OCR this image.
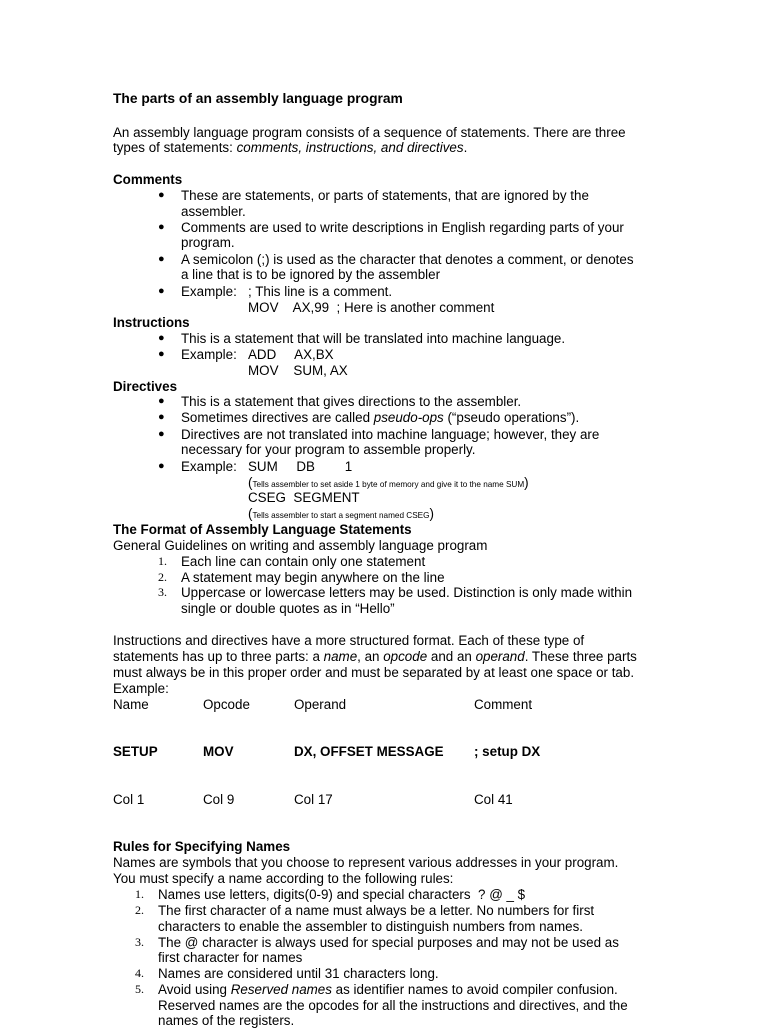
The parts of an assembly language program
An assembly language program consists of a sequence of statements. There are three
types of statements: comments, instructions, and directives.
Comments
● These are statements, or parts of statements, that are ignored by the
assembler.
● Comments are used to write descriptions in English regarding parts of your
program.
● A semicolon (;) is used as the character that denotes a comment, or denotes
a line that is to be ignored by the assembler
● Example: ; This line is a comment.
MOV    AX,99  ; Here is another comment
Instructions
● This is a statement that will be translated into machine language.
● Example: ADD     AX,BX
MOV    SUM, AX
Directives
● This is a statement that gives directions to the assembler.
● Sometimes directives are called pseudo-ops (“pseudo operations”).
● Directives are not translated into machine language; however, they are
necessary for your program to assemble properly.
● Example: SUM     DB        1
(Tells assembler to set aside 1 byte of memory and give it to the name SUM)
CSEG  SEGMENT
(Tells assembler to start a segment named CSEG)
The Format of Assembly Language Statements
General Guidelines on writing and assembly language program
1. Each line can contain only one statement
2. A statement may begin anywhere on the line
3. Uppercase or lowercase letters may be used. Distinction is only made within
single or double quotes as in “Hello”
Instructions and directives have a more structured format. Each of these type of
statements has up to three parts: a name, an opcode and an operand. These three parts
must always be in this proper order and must be separated by at least one space or tab.
Example:
Name	Opcode	Operand	Comment
SETUP	MOV	DX, OFFSET MESSAGE ; setup DX
Col 1	Col 9	Col 17	Col 41
Rules for Specifying Names
Names are symbols that you choose to represent various addresses in your program.
You must specify a name according to the following rules:
1. Names use letters, digits(0-9) and special characters  ? @ _ $
2. The first character of a name must always be a letter. No numbers for first
characters to enable the assembler to distinguish numbers from names.
3. The @ character is always used for special purposes and may not be used as
first character for names
4. Names are considered until 31 characters long.
5. Avoid using Reserved names as identifier names to avoid compiler confusion.
Reserved names are the opcodes for all the instructions and directives, and the
names of the registers.
